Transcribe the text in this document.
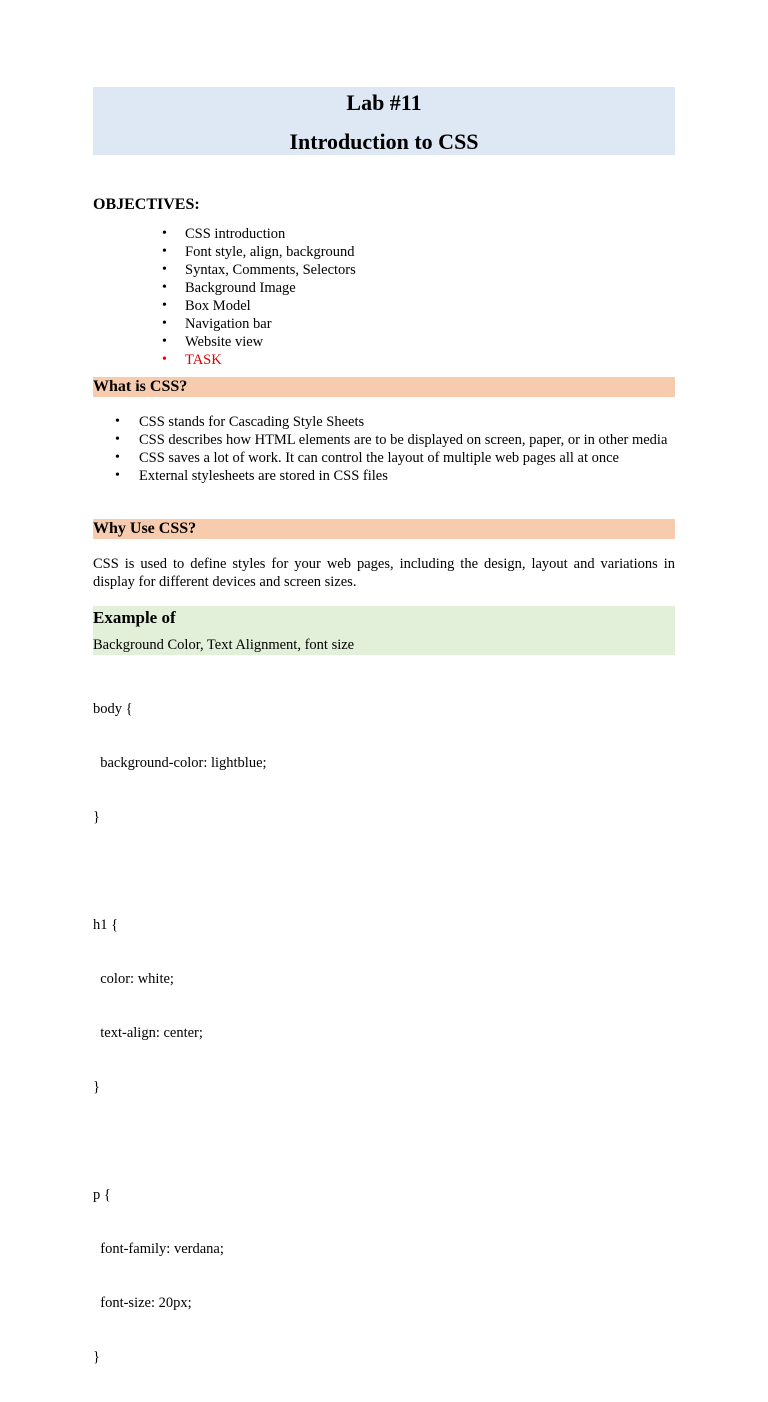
Lab #11
Introduction to CSS
OBJECTIVES:
• CSS introduction
• Font style, align, background
• Syntax, Comments, Selectors
• Background Image
• Box Model
• Navigation bar
• Website view
• TASK
What is CSS?
• CSS stands for Cascading Style Sheets
• CSS describes how HTML elements are to be displayed on screen, paper, or in other media
• CSS saves a lot of work. It can control the layout of multiple web pages all at once
• External stylesheets are stored in CSS files
Why Use CSS?
CSS is used to define styles for your web pages, including the design, layout and variations in display for different devices and screen sizes.
Example of
Background Color, Text Alignment, font size

body {

background-color: lightblue;

}

h1 {

color: white;

text-align: center;

}

p {

font-family: verdana;

font-size: 20px;

}
